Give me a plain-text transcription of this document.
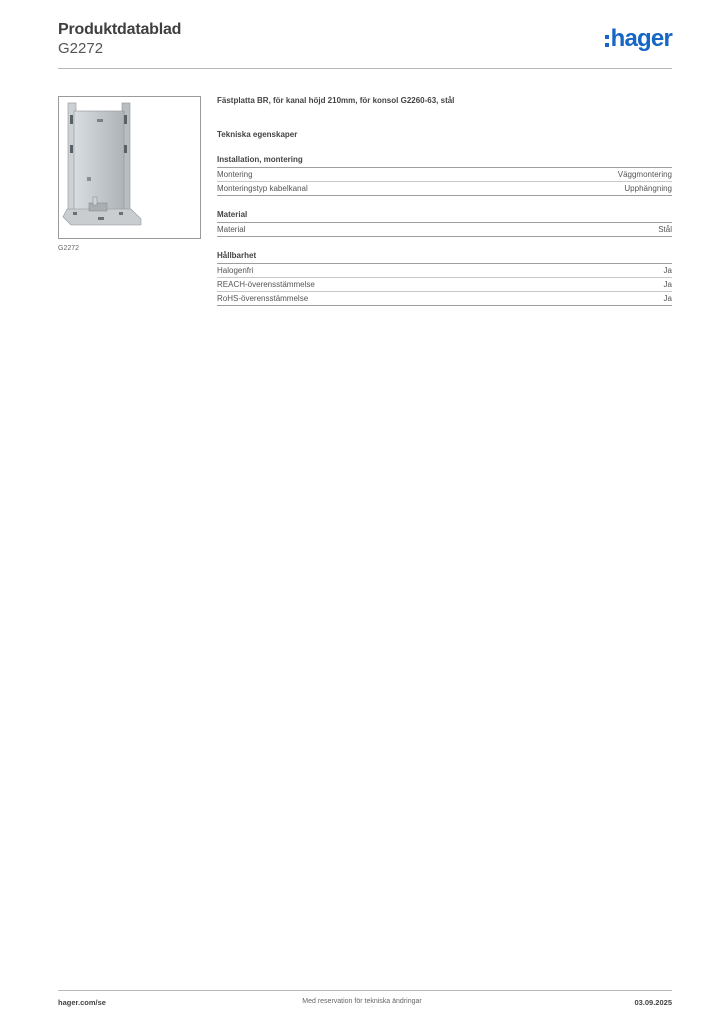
Produktdatablad
G2272	hager
G2272
Fästplatta BR, för kanal höjd 210mm, för konsol G2260-63, stål
Tekniska egenskaper
Installation, montering
Montering	Väggmontering
Monteringstyp kabelkanal	Upphängning
Material
Material	Stål
Hållbarhet
Halogenfri	Ja
REACH-överensstämmelse	Ja
RoHS-överensstämmelse	Ja
hager.com/se	Med reservation för tekniska ändringar	03.09.2025
